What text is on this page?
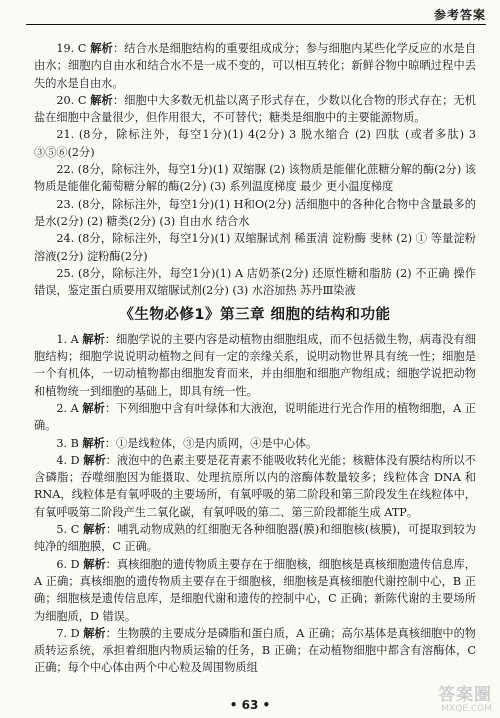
参考答案

19. C 解析：结合水是细胞结构的重要组成成分；参与细胞内某些化学反应的水是自由水；细胞内自由水和结合水不是一成不变的，可以相互转化；新鲜谷物中晾晒过程中丢失的水是自由水。

20. C 解析：细胞中大多数无机盐以离子形式存在，少数以化合物的形式存在；无机盐在细胞中含量很少，但作用很大，不可替代；糖类是细胞中的主要能源物质。

21. (8分，除标注外，每空1分)(1) 4(2分) 3 脱水缩合 (2) 四肽 (或者多肽) 3 ③⑤⑥(2分)

22. (8分，除标注外，每空1分)(1) 双缩脲 (2) 该物质是能催化蔗糖分解的酶(2分) 该物质是能催化葡萄糖分解的酶(2分) (3) 系列温度梯度 最少 更小温度梯度

23. (8分，除标注外，每空1分)(1) H和O(2分) 活细胞中的各种化合物中含量最多的是水(2分) (2) 糖类(2分) (3) 自由水 结合水

24. (8分，除标注外，每空1分)(1) 双缩脲试剂 稀蛋清 淀粉酶 斐林 (2) ① 等量淀粉溶液(2分) 淀粉酶(2分)

25. (8分，除标注外，每空1分)(1) A 店奶茶(2分) 还原性糖和脂肪 (2) 不正确 操作错误，鉴定蛋白质要用双缩脲试剂(2分) (3) 水浴加热 苏丹Ⅲ染液

《生物必修1》第三章 细胞的结构和功能

1. A 解析：细胞学说的主要内容是动植物由细胞组成，而不包括微生物，病毒没有细胞结构；细胞学说说明动植物之间有一定的亲缘关系，说明动物世界具有统一性；细胞是一个有机体，一切动植物都由细胞发育而来，并由细胞和细胞产物组成；细胞学说把动物和植物统一到细胞的基础上，即具有统一性。

2. A 解析：下列细胞中含有叶绿体和大液泡，说明能进行光合作用的植物细胞，A 正确。

3. B 解析：①是线粒体，③是内质网，④是中心体。

4. D 解析：液泡中的色素主要是花青素不能吸收转化光能；核糖体没有膜结构所以不含磷脂；吞噬细胞因为能摄取、处理抗原所以内的溶酶体数量较多；线粒体含 DNA 和 RNA，线粒体是有氧呼吸的主要场所，有氧呼吸的第二阶段和第三阶段发生在线粒体中，有氧呼吸第二阶段产生二氧化碳，有氧呼吸的第二、第三阶段都能生成 ATP。

5. C 解析：哺乳动物成熟的红细胞无各种细胞器(膜)和细胞核(核膜)，可提取到较为纯净的细胞膜，C 正确。

6. D 解析：真核细胞的遗传物质主要存在于细胞核，细胞核是真核细胞遗传信息库，A 正确；真核细胞的遗传物质主要存在于细胞核，细胞核是真核细胞代谢控制中心，B 正确；细胞核是遗传信息库，是细胞代谢和遗传的控制中心，C 正确；新陈代谢的主要场所为细胞质，D 错误。

7. D 解析：生物膜的主要成分是磷脂和蛋白质，A 正确；高尔基体是真核细胞中的物质转运系统，承担着细胞内物质运输的任务，B 正确；在动植物细胞中都含有溶酶体，C 正确；每个中心体由两个中心粒及周围物质组

• 63 •	答案圈
MXQE.COM
